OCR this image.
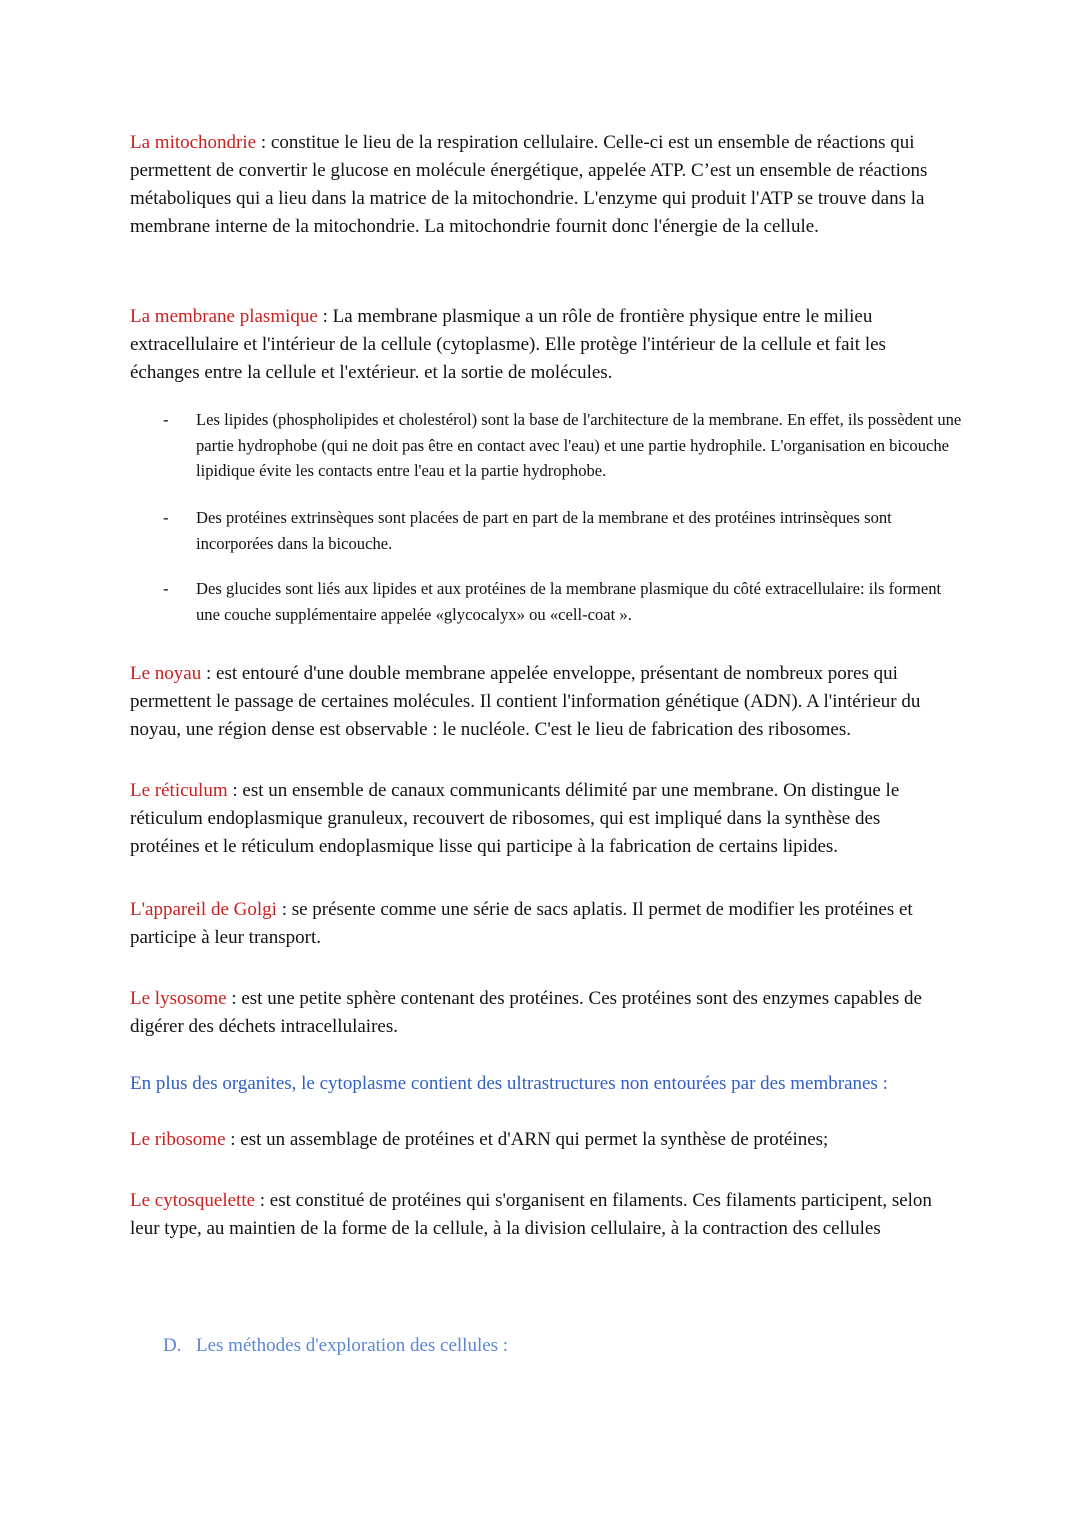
La mitochondrie : constitue le lieu de la respiration cellulaire. Celle-ci est un ensemble de réactions qui permettent de convertir le glucose en molécule énergétique, appelée ATP. C’est un ensemble de réactions métaboliques qui a lieu dans la matrice de la mitochondrie. L'enzyme qui produit l'ATP se trouve dans la membrane interne de la mitochondrie. La mitochondrie fournit donc l'énergie de la cellule.

La membrane plasmique : La membrane plasmique a un rôle de frontière physique entre le milieu extracellulaire et l'intérieur de la cellule (cytoplasme). Elle protège l'intérieur de la cellule et fait les échanges entre la cellule et l'extérieur. et la sortie de molécules.

-	Les lipides (phospholipides et cholestérol) sont la base de l'architecture de la membrane. En effet, ils possèdent une partie hydrophobe (qui ne doit pas être en contact avec l'eau) et une partie hydrophile. L'organisation en bicouche lipidique évite les contacts entre l'eau et la partie hydrophobe.
-	Des protéines extrinsèques sont placées de part en part de la membrane et des protéines intrinsèques sont incorporées dans la bicouche.
-	Des glucides sont liés aux lipides et aux protéines de la membrane plasmique du côté extracellulaire: ils forment une couche supplémentaire appelée «glycocalyx» ou «cell-coat ».

Le noyau : est entouré d'une double membrane appelée enveloppe, présentant de nombreux pores qui permettent le passage de certaines molécules. Il contient l'information génétique (ADN). A l'intérieur du noyau, une région dense est observable : le nucléole. C'est le lieu de fabrication des ribosomes.

Le réticulum : est un ensemble de canaux communicants délimité par une membrane. On distingue le réticulum endoplasmique granuleux, recouvert de ribosomes, qui est impliqué dans la synthèse des protéines et le réticulum endoplasmique lisse qui participe à la fabrication de certains lipides.

L'appareil de Golgi : se présente comme une série de sacs aplatis. Il permet de modifier les protéines et participe à leur transport.

Le lysosome : est une petite sphère contenant des protéines. Ces protéines sont des enzymes capables de digérer des déchets intracellulaires.

En plus des organites, le cytoplasme contient des ultrastructures non entourées par des membranes :

Le ribosome : est un assemblage de protéines et d'ARN qui permet la synthèse de protéines;

Le cytosquelette : est constitué de protéines qui s'organisent en filaments. Ces filaments participent, selon leur type, au maintien de la forme de la cellule, à la division cellulaire, à la contraction des cellules

D. Les méthodes d'exploration des cellules :
